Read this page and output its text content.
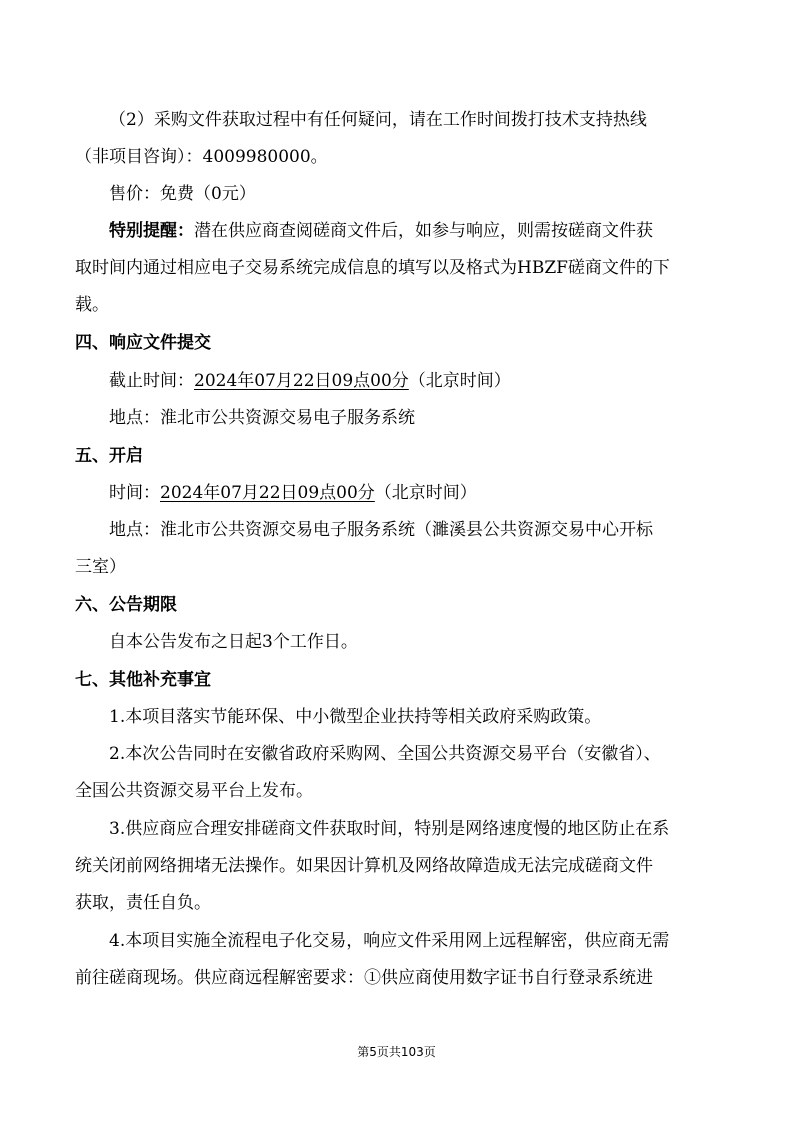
（2）采购文件获取过程中有任何疑问，请在工作时间拨打技术支持热线
（非项目咨询）：4009980000。
售价：免费（0元）
特别提醒：潜在供应商查阅磋商文件后，如参与响应，则需按磋商文件获
取时间内通过相应电子交易系统完成信息的填写以及格式为HBZF磋商文件的下
载。
四、响应文件提交
截止时间：2024年07月22日09点00分（北京时间）
地点：淮北市公共资源交易电子服务系统
五、开启
时间：2024年07月22日09点00分（北京时间）
地点：淮北市公共资源交易电子服务系统（濉溪县公共资源交易中心开标
三室）
六、公告期限
自本公告发布之日起3个工作日。
七、其他补充事宜
1.本项目落实节能环保、中小微型企业扶持等相关政府采购政策。
2.本次公告同时在安徽省政府采购网、全国公共资源交易平台（安徽省）、
全国公共资源交易平台上发布。
3.供应商应合理安排磋商文件获取时间，特别是网络速度慢的地区防止在系
统关闭前网络拥堵无法操作。如果因计算机及网络故障造成无法完成磋商文件
获取，责任自负。
4.本项目实施全流程电子化交易，响应文件采用网上远程解密，供应商无需
前往磋商现场。供应商远程解密要求：①供应商使用数字证书自行登录系统进
第5页共103页
